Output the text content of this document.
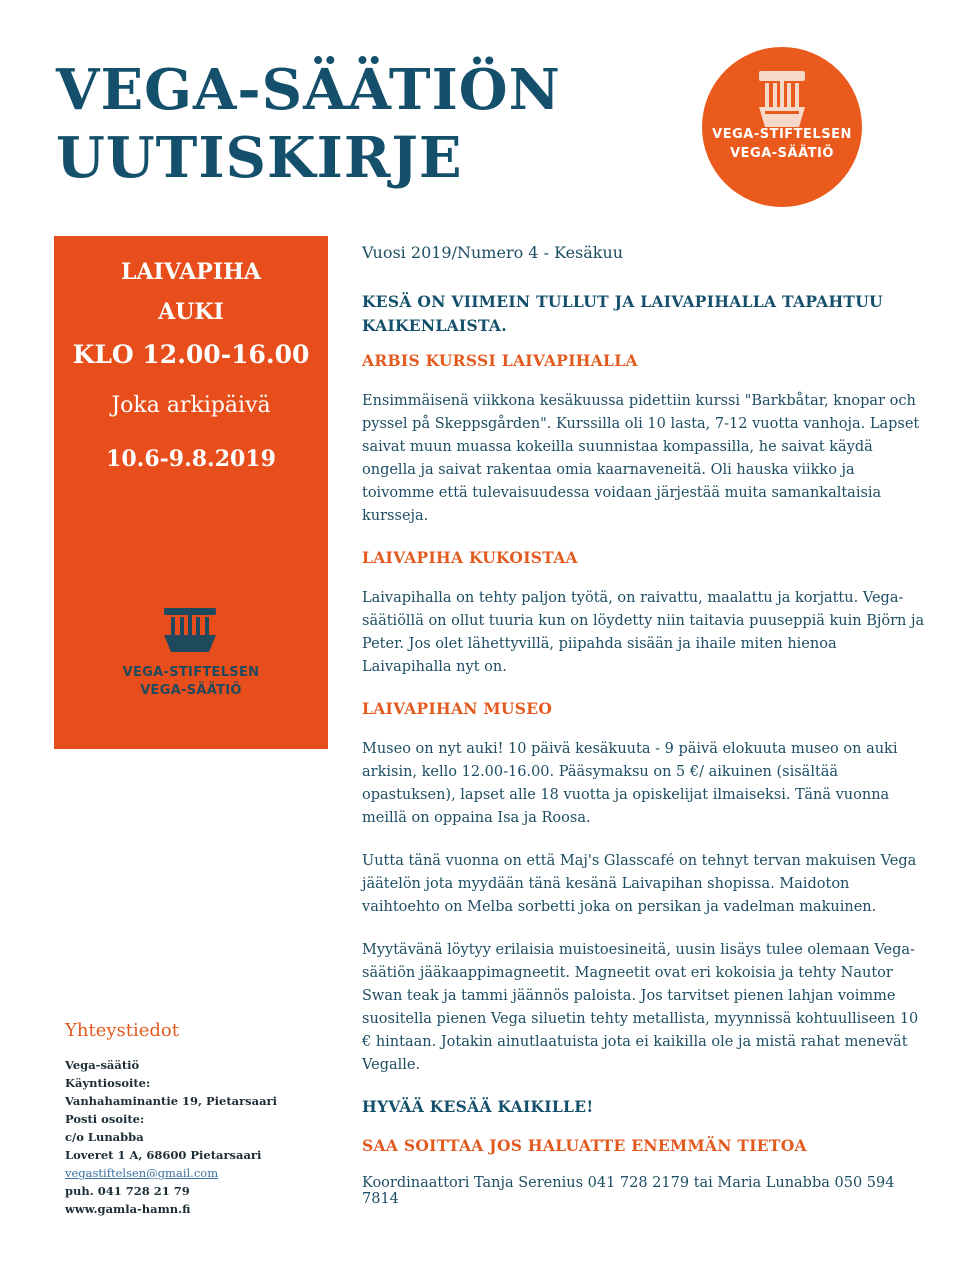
VEGA-SÄÄTIÖN
UUTISKIRJE	VEGA-STIFTELSEN
VEGA-SÄÄTIÖ
LAIVAPIHA
AUKI
KLO 12.00-16.00
Joka arkipäivä
10.6-9.8.2019
VEGA-STIFTELSEN
VEGA-SÄÄTIÖ

Vuosi 2019/Numero 4 - Kesäkuu

KESÄ ON VIIMEIN TULLUT JA LAIVAPIHALLA TAPAHTUU KAIKENLAISTA.

ARBIS KURSSI LAIVAPIHALLA

Ensimmäisenä viikkona kesäkuussa pidettiin kurssi "Barkbåtar, knopar och pyssel på Skeppsgården". Kurssilla oli 10 lasta, 7-12 vuotta vanhoja. Lapset saivat muun muassa kokeilla suunnistaa kompassilla, he saivat käydä ongella ja saivat rakentaa omia kaarnaveneitä. Oli hauska viikko ja toivomme että tulevaisuudessa voidaan järjestää muita samankaltaisia kursseja.

LAIVAPIHA KUKOISTAA

Laivapihalla on tehty paljon työtä, on raivattu, maalattu ja korjattu. Vega-säätiöllä on ollut tuuria kun on löydetty niin taitavia puuseppiä kuin Björn ja Peter. Jos olet lähettyvillä, piipahda sisään ja ihaile miten hienoa Laivapihalla nyt on.

LAIVAPIHAN MUSEO

Museo on nyt auki! 10 päivä kesäkuuta - 9 päivä elokuuta museo on auki arkisin, kello 12.00-16.00. Pääsymaksu on 5 €/ aikuinen (sisältää opastuksen), lapset alle 18 vuotta ja opiskelijat ilmaiseksi. Tänä vuonna meillä on oppaina Isa ja Roosa.

Uutta tänä vuonna on että Maj's Glasscafé on tehnyt tervan makuisen Vega jäätelön jota myydään tänä kesänä Laivapihan shopissa. Maidoton vaihtoehto on Melba sorbetti joka on persikan ja vadelman makuinen.

Myytävänä löytyy erilaisia muistoesineitä, uusin lisäys tulee olemaan Vega-säätiön jääkaappimagneetit. Magneetit ovat eri kokoisia ja tehty Nautor Swan teak ja tammi jäännös paloista. Jos tarvitset pienen lahjan voimme suositella pienen Vega siluetin tehty metallista, myynnissä kohtuulliseen 10 € hintaan. Jotakin ainutlaatuista jota ei kaikilla ole ja mistä rahat menevät Vegalle.

HYVÄÄ KESÄÄ KAIKILLE!

SAA SOITTAA JOS HALUATTE ENEMMÄN TIETOA

Koordinaattori Tanja Serenius 041 728 2179 tai Maria Lunabba 050 594 7814

Yhteystiedot
Vega-säätiö
Käyntiosoite:
Vanhahaminantie 19, Pietarsaari
Posti osoite:
c/o Lunabba
Loveret 1 A, 68600 Pietarsaari
vegastiftelsen@gmail.com
puh. 041 728 21 79
www.gamla-hamn.fi
